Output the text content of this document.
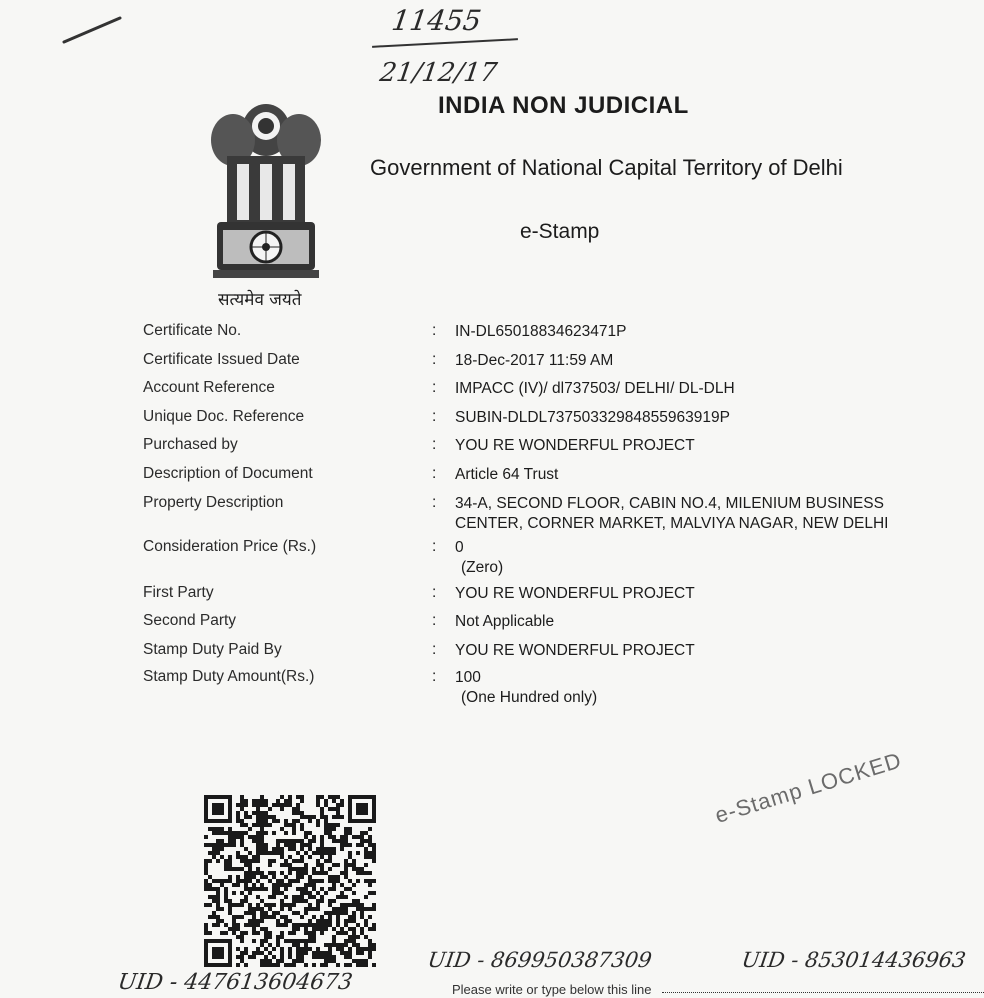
11455
21/12/17
सत्यमेव जयते
INDIA NON JUDICIAL
Government of National Capital Territory of Delhi
e-Stamp
Certificate No.	: IN-DL65018834623471P
Certificate Issued Date	: 18-Dec-2017 11:59 AM
Account Reference	: IMPACC (IV)/ dl737503/ DELHI/ DL-DLH
Unique Doc. Reference	: SUBIN-DLDL73750332984855963919P
Purchased by	: YOU RE WONDERFUL PROJECT
Description of Document	: Article 64 Trust
Property Description	: 34-A, SECOND FLOOR, CABIN NO.4, MILENIUM BUSINESS CENTER, CORNER MARKET, MALVIYA NAGAR, NEW DELHI
Consideration Price (Rs.)	: 0
(Zero)
First Party	: YOU RE WONDERFUL PROJECT
Second Party	: Not Applicable
Stamp Duty Paid By	: YOU RE WONDERFUL PROJECT
Stamp Duty Amount(Rs.)	: 100
(One Hundred only)
e-Stamp LOCKED
UID - 447613604673
UID - 869950387309	UID - 853014436963
Please write or type below this line
